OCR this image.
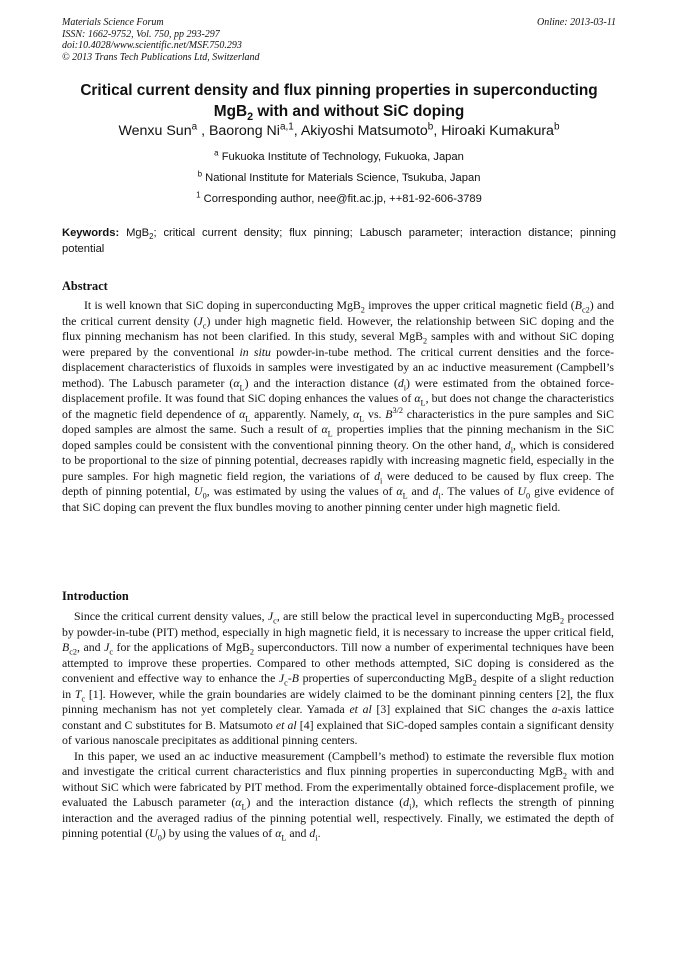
Materials Science Forum
ISSN: 1662-9752, Vol. 750, pp 293-297
doi:10.4028/www.scientific.net/MSF.750.293
© 2013 Trans Tech Publications Ltd, Switzerland
Online: 2013-03-11
Critical current density and flux pinning properties in superconducting
MgB$_2$ with and without SiC doping
Wenxu Sun$^a$ , Baorong Ni$^{a,1}$, Akiyoshi Matsumoto$^b$, Hiroaki Kumakura$^b$
$^a$ Fukuoka Institute of Technology, Fukuoka, Japan
$^b$ National Institute for Materials Science, Tsukuba, Japan
$^1$ Corresponding author, nee@fit.ac.jp, ++81-92-606-3789
Keywords: MgB$_2$; critical current density; flux pinning; Labusch parameter; interaction distance; pinning potential
Abstract

It is well known that SiC doping in superconducting MgB$_2$ improves the upper critical magnetic field $(B_{c2})$ and the critical current density $(J_c)$ under high magnetic field. However, the relationship between SiC doping and the flux pinning mechanism has not been clarified. In this study, several MgB$_2$ samples with and without SiC doping were prepared by the conventional in situ powder-in-tube method. The critical current densities and the force-displacement characteristics of fluxoids in samples were investigated by an ac inductive measurement (Campbell’s method). The Labusch parameter $(\alpha_L)$ and the interaction distance $(d_i)$ were estimated from the obtained force-displacement profile. It was found that SiC doping enhances the values of $\alpha_L$, but does not change the characteristics of the magnetic field dependence of $\alpha_L$ apparently. Namely, $\alpha_L$ vs. $B^{3/2}$ characteristics in the pure samples and SiC doped samples are almost the same. Such a result of $\alpha_L$ properties implies that the pinning mechanism in the SiC doped samples could be consistent with the conventional pinning theory. On the other hand, $d_i$, which is considered to be proportional to the size of pinning potential, decreases rapidly with increasing magnetic field, especially in the pure samples. For high magnetic field region, the variations of $d_i$ were deduced to be caused by flux creep. The depth of pinning potential, $U_0$, was estimated by using the values of $\alpha_L$ and $d_i$. The values of $U_0$ give evidence of that SiC doping can prevent the flux bundles moving to another pinning center under high magnetic field.

Introduction

Since the critical current density values, $J_c$, are still below the practical level in superconducting MgB$_2$ processed by powder-in-tube (PIT) method, especially in high magnetic field, it is necessary to increase the upper critical field, $B_{c2}$, and $J_c$ for the applications of MgB$_2$ superconductors. Till now a number of experimental techniques have been attempted to improve these properties. Compared to other methods attempted, SiC doping is considered as the convenient and effective way to enhance the $J_c-B$ properties of superconducting MgB$_2$ despite of a slight reduction in $T_c$ [1]. However, while the grain boundaries are widely claimed to be the dominant pinning centers [2], the flux pinning mechanism has not yet completely clear. Yamada et al [3] explained that SiC changes the a-axis lattice constant and C substitutes for B. Matsumoto et al [4] explained that SiC-doped samples contain a significant density of various nanoscale precipitates as additional pinning centers.

In this paper, we used an ac inductive measurement (Campbell’s method) to estimate the reversible flux motion and investigate the critical current characteristics and flux pinning properties in superconducting MgB$_2$ with and without SiC which were fabricated by PIT method. From the experimentally obtained force-displacement profile, we evaluated the Labusch parameter $(\alpha_L)$ and the interaction distance $(d_i)$, which reflects the strength of pinning interaction and the averaged radius of the pinning potential well, respectively. Finally, we estimated the depth of pinning potential $(U_0)$ by using the values of $\alpha_L$ and $d_i$.
